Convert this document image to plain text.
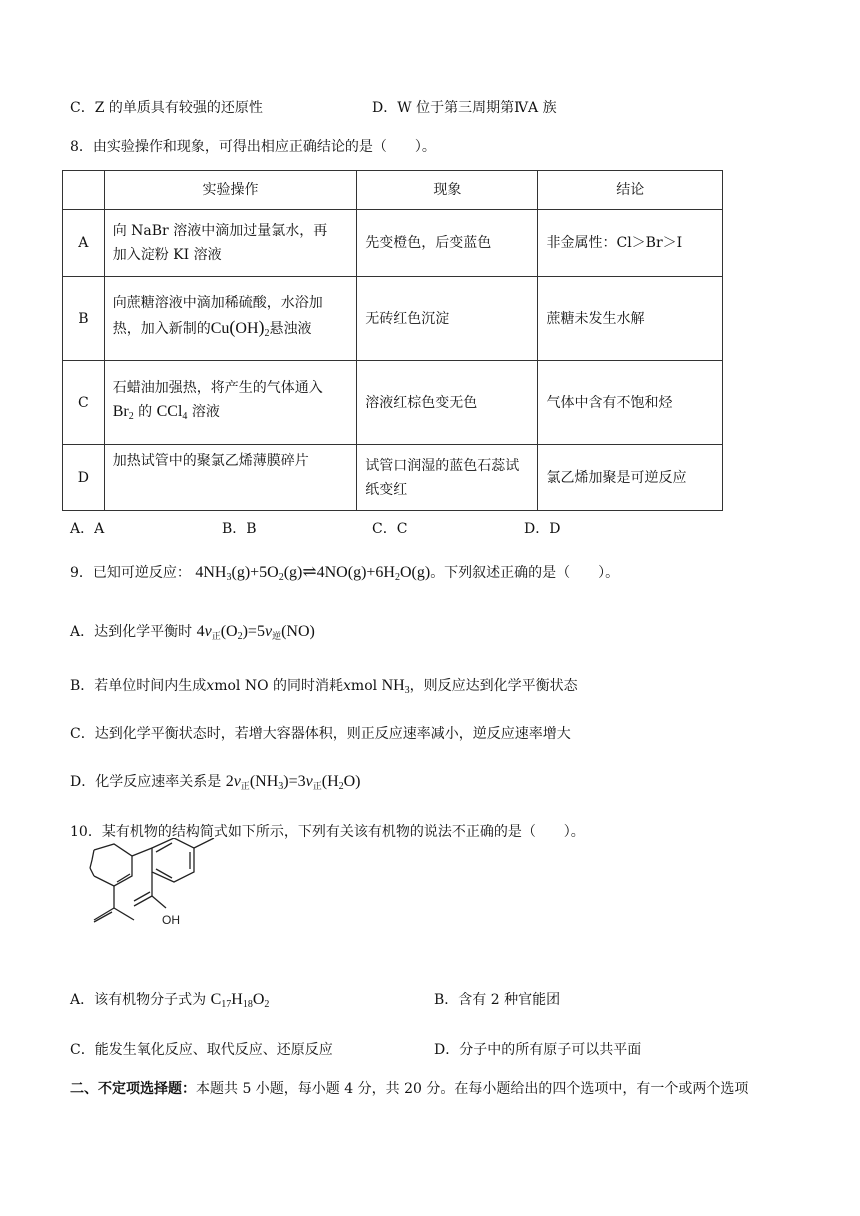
C．Z 的单质具有较强的还原性	D．W 位于第三周期第ⅣA 族
8．由实验操作和现象，可得出相应正确结论的是（　　）。
	实验操作	现象	结论
A	向 NaBr 溶液中滴加过量氯水，再
加入淀粉 KI 溶液	先变橙色，后变蓝色	非金属性：Cl＞Br＞I
B	向蔗糖溶液中滴加稀硫酸，水浴加
热，加入新制的$Cu(OH)_2$悬浊液	无砖红色沉淀	蔗糖未发生水解
C	石蜡油加强热，将产生的气体通入
$Br_2$ 的 CCl$_4$ 溶液	溶液红棕色变无色	气体中含有不饱和烃
D	加热试管中的聚氯乙烯薄膜碎片	试管口润湿的蓝色石蕊试
纸变红	氯乙烯加聚是可逆反应
A．A	B．B	C．C	D．D
9．已知可逆反应： $4NH_3(g)+5O_2(g)\rightleftharpoons 4NO(g)+6H_2O(g)$。下列叙述正确的是（　　）。
A．达到化学平衡时 $4v_正(O_2)=5v_逆(NO)$
B．若单位时间内生成xmol NO 的同时消耗xmol $NH_3$，则反应达到化学平衡状态
C．达到化学平衡状态时，若增大容器体积，则正反应速率减小，逆反应速率增大
D．化学反应速率关系是 $2v_正(NH_3)=3v_正(H_2O)$
10．某有机物的结构简式如下所示，下列有关该有机物的说法不正确的是（　　）。
OH
A．该有机物分子式为 $C_{17}H_{18}O_2$	B．含有 2 种官能团
C．能发生氧化反应、取代反应、还原反应	D．分子中的所有原子可以共平面
二、不定项选择题：本题共 5 小题，每小题 4 分，共 20 分。在每小题给出的四个选项中，有一个或两个选项
